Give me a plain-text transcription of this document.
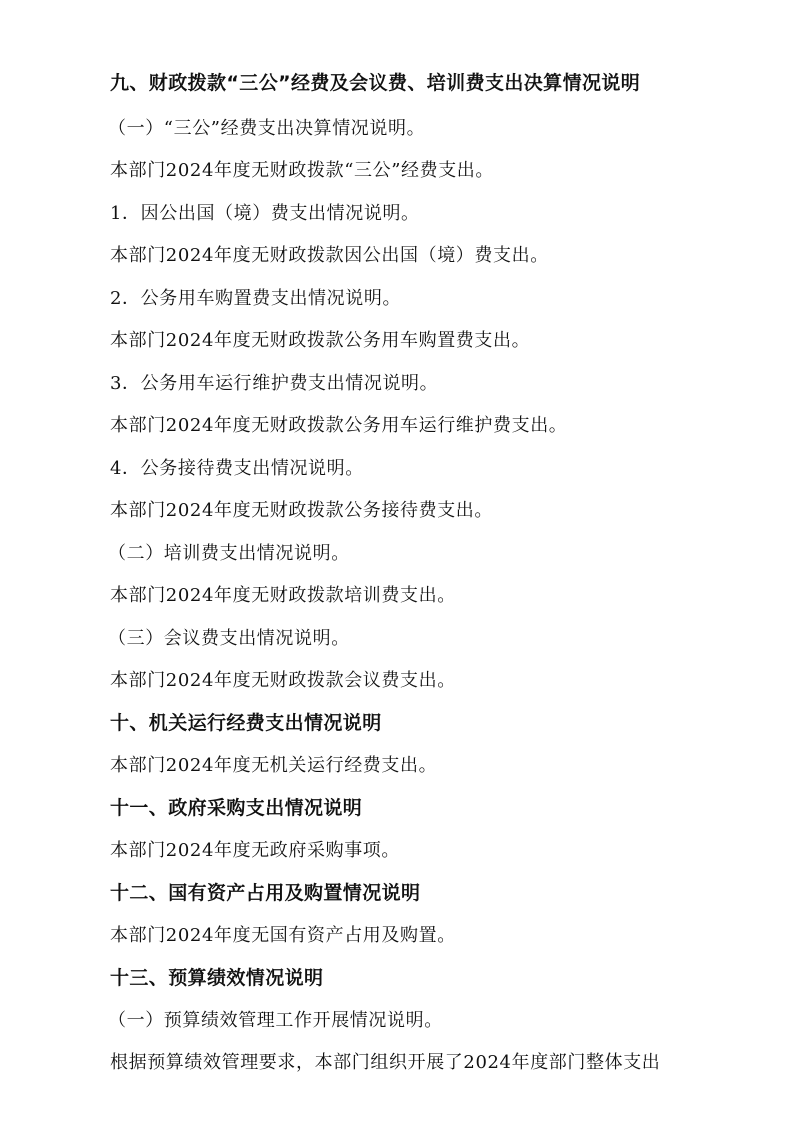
九、财政拨款“三公”经费及会议费、培训费支出决算情况说明
（一）“三公”经费支出决算情况说明。
本部门2024年度无财政拨款“三公”经费支出。
1．因公出国（境）费支出情况说明。
本部门2024年度无财政拨款因公出国（境）费支出。
2．公务用车购置费支出情况说明。
本部门2024年度无财政拨款公务用车购置费支出。
3．公务用车运行维护费支出情况说明。
本部门2024年度无财政拨款公务用车运行维护费支出。
4．公务接待费支出情况说明。
本部门2024年度无财政拨款公务接待费支出。
（二）培训费支出情况说明。
本部门2024年度无财政拨款培训费支出。
（三）会议费支出情况说明。
本部门2024年度无财政拨款会议费支出。
十、机关运行经费支出情况说明
本部门2024年度无机关运行经费支出。
十一、政府采购支出情况说明
本部门2024年度无政府采购事项。
十二、国有资产占用及购置情况说明
本部门2024年度无国有资产占用及购置。
十三、预算绩效情况说明
（一）预算绩效管理工作开展情况说明。
根据预算绩效管理要求，本部门组织开展了2024年度部门整体支出
